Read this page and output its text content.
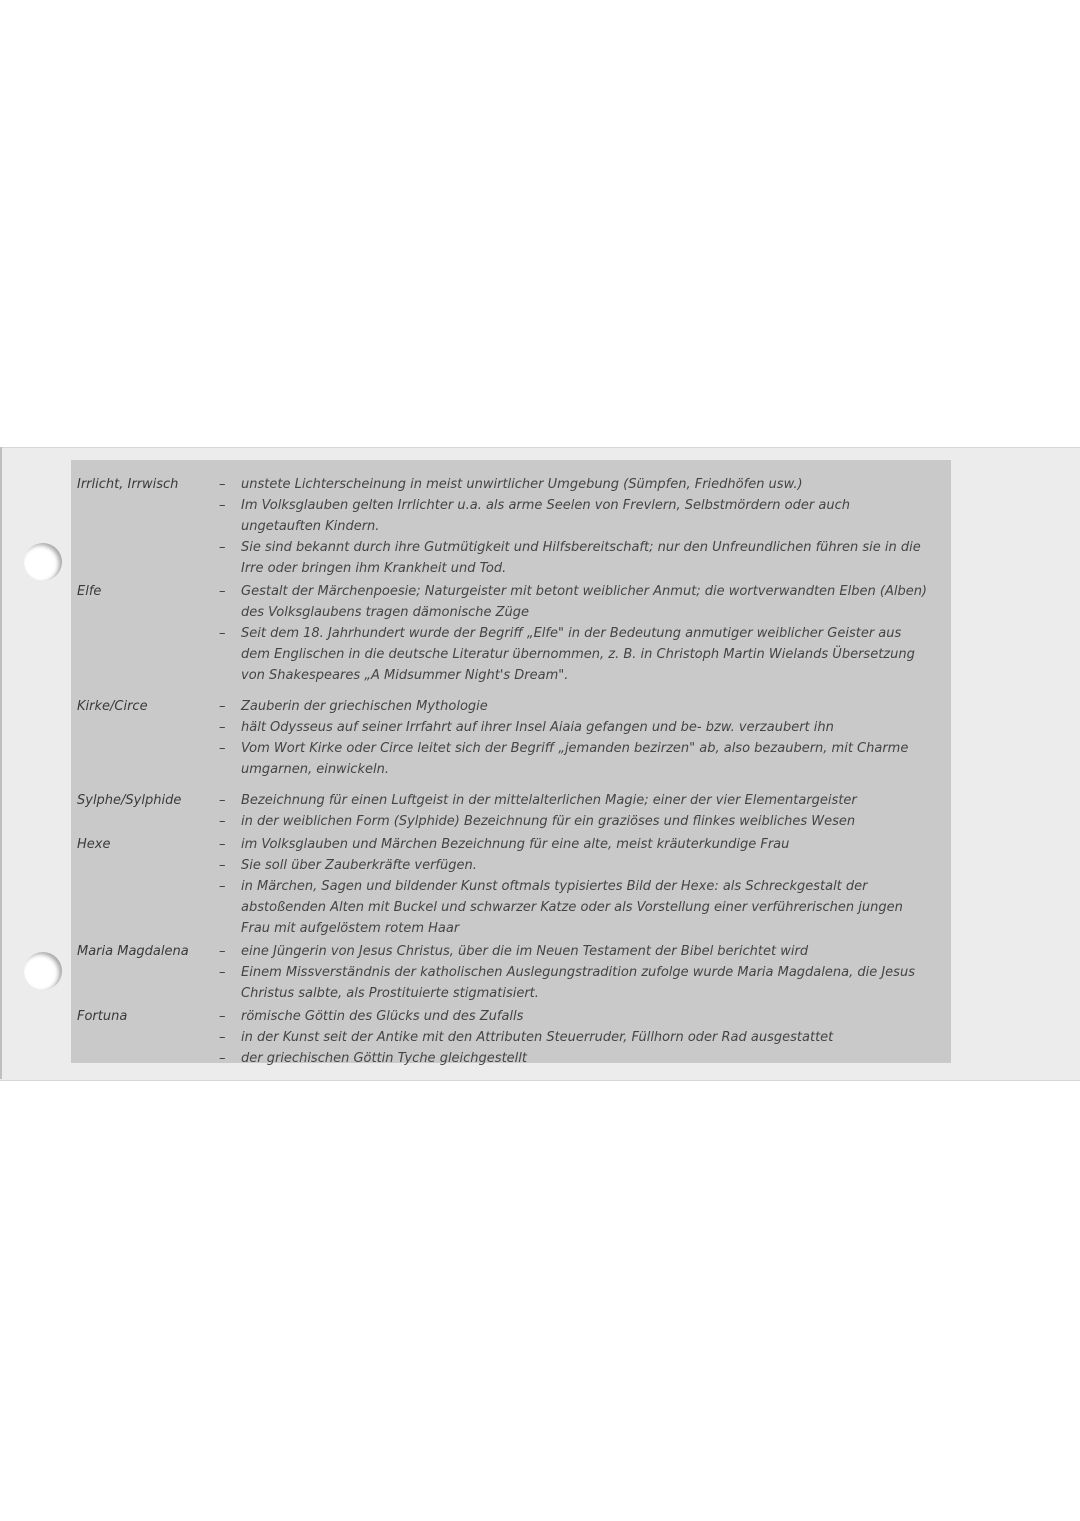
Irrlicht, Irrwisch	– unstete Lichterscheinung in meist unwirtlicher Umgebung (Sümpfen, Friedhöfen usw.)
– Im Volksglauben gelten Irrlichter u.a. als arme Seelen von Frevlern, Selbstmördern oder auch ungetauften Kindern.
– Sie sind bekannt durch ihre Gutmütigkeit und Hilfsbereitschaft; nur den Unfreundlichen führen sie in die Irre oder bringen ihm Krankheit und Tod.
Elfe	– Gestalt der Märchenpoesie; Naturgeister mit betont weiblicher Anmut; die wortverwandten Elben (Alben) des Volksglaubens tragen dämonische Züge
– Seit dem 18. Jahrhundert wurde der Begriff „Elfe" in der Bedeutung anmutiger weiblicher Geister aus dem Englischen in die deutsche Literatur übernommen, z. B. in Christoph Martin Wielands Übersetzung von Shakespeares „A Midsummer Night's Dream".
Kirke/Circe	– Zauberin der griechischen Mythologie
– hält Odysseus auf seiner Irrfahrt auf ihrer Insel Aiaia gefangen und be- bzw. verzaubert ihn
– Vom Wort Kirke oder Circe leitet sich der Begriff „jemanden bezirzen" ab, also bezaubern, mit Charme umgarnen, einwickeln.
Sylphe/Sylphide	– Bezeichnung für einen Luftgeist in der mittelalterlichen Magie; einer der vier Elementargeister
– in der weiblichen Form (Sylphide) Bezeichnung für ein graziöses und flinkes weibliches Wesen
Hexe	– im Volksglauben und Märchen Bezeichnung für eine alte, meist kräuterkundige Frau
– Sie soll über Zauberkräfte verfügen.
– in Märchen, Sagen und bildender Kunst oftmals typisiertes Bild der Hexe: als Schreckgestalt der abstoßenden Alten mit Buckel und schwarzer Katze oder als Vorstellung einer verführerischen jungen Frau mit aufgelöstem rotem Haar
Maria Magdalena	– eine Jüngerin von Jesus Christus, über die im Neuen Testament der Bibel berichtet wird
– Einem Missverständnis der katholischen Auslegungstradition zufolge wurde Maria Magdalena, die Jesus Christus salbte, als Prostituierte stigmatisiert.
Fortuna	– römische Göttin des Glücks und des Zufalls
– in der Kunst seit der Antike mit den Attributen Steuerruder, Füllhorn oder Rad ausgestattet
– der griechischen Göttin Tyche gleichgestellt
